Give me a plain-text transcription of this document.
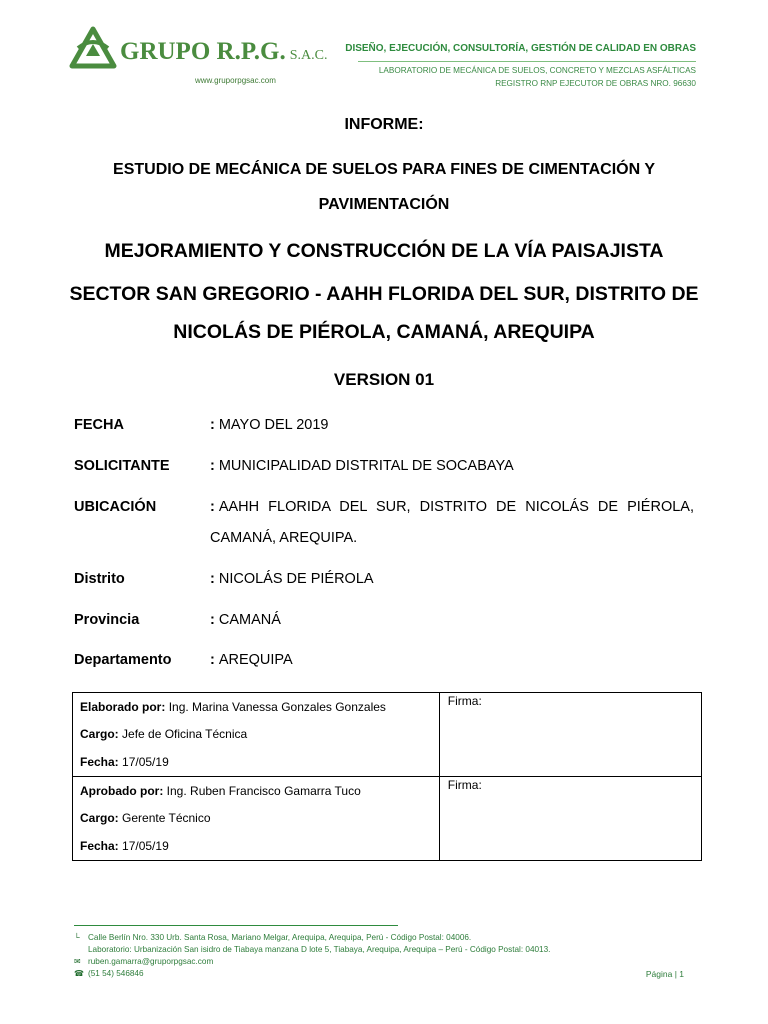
GRUPO R.P.G. S.A.C.
www.gruporpgsac.com
DISEÑO, EJECUCIÓN, CONSULTORÍA, GESTIÓN DE CALIDAD EN OBRAS
LABORATORIO DE MECÁNICA DE SUELOS, CONCRETO Y MEZCLAS ASFÁLTICAS
REGISTRO RNP EJECUTOR DE OBRAS NRO. 96630
INFORME:
ESTUDIO DE MECÁNICA DE SUELOS PARA FINES DE CIMENTACIÓN Y
PAVIMENTACIÓN
MEJORAMIENTO Y CONSTRUCCIÓN DE LA VÍA PAISAJISTA
SECTOR SAN GREGORIO - AAHH FLORIDA DEL SUR, DISTRITO DE
NICOLÁS DE PIÉROLA, CAMANÁ, AREQUIPA
VERSION 01
FECHA	: MAYO DEL 2019
SOLICITANTE	: MUNICIPALIDAD DISTRITAL DE SOCABAYA
UBICACIÓN	: AAHH FLORIDA DEL SUR, DISTRITO DE NICOLÁS DE PIÉROLA, CAMANÁ, AREQUIPA.
Distrito	: NICOLÁS DE PIÉROLA
Provincia	: CAMANÁ
Departamento	: AREQUIPA
Elaborado por: Ing. Marina Vanessa Gonzales Gonzales
Cargo: Jefe de Oficina Técnica
Fecha: 17/05/19	Firma:

Aprobado por: Ing. Ruben Francisco Gamarra Tuco
Cargo: Gerente Técnico
Fecha: 17/05/19	Firma:
└ Calle Berlín Nro. 330 Urb. Santa Rosa, Mariano Melgar, Arequipa, Arequipa, Perú - Código Postal: 04006.
Laboratorio: Urbanización San isidro de Tiabaya manzana D lote 5, Tiabaya, Arequipa, Arequipa – Perú - Código Postal: 04013.
✉ ruben.gamarra@gruporpgsac.com
☎ (51 54) 546846	Página | 1
